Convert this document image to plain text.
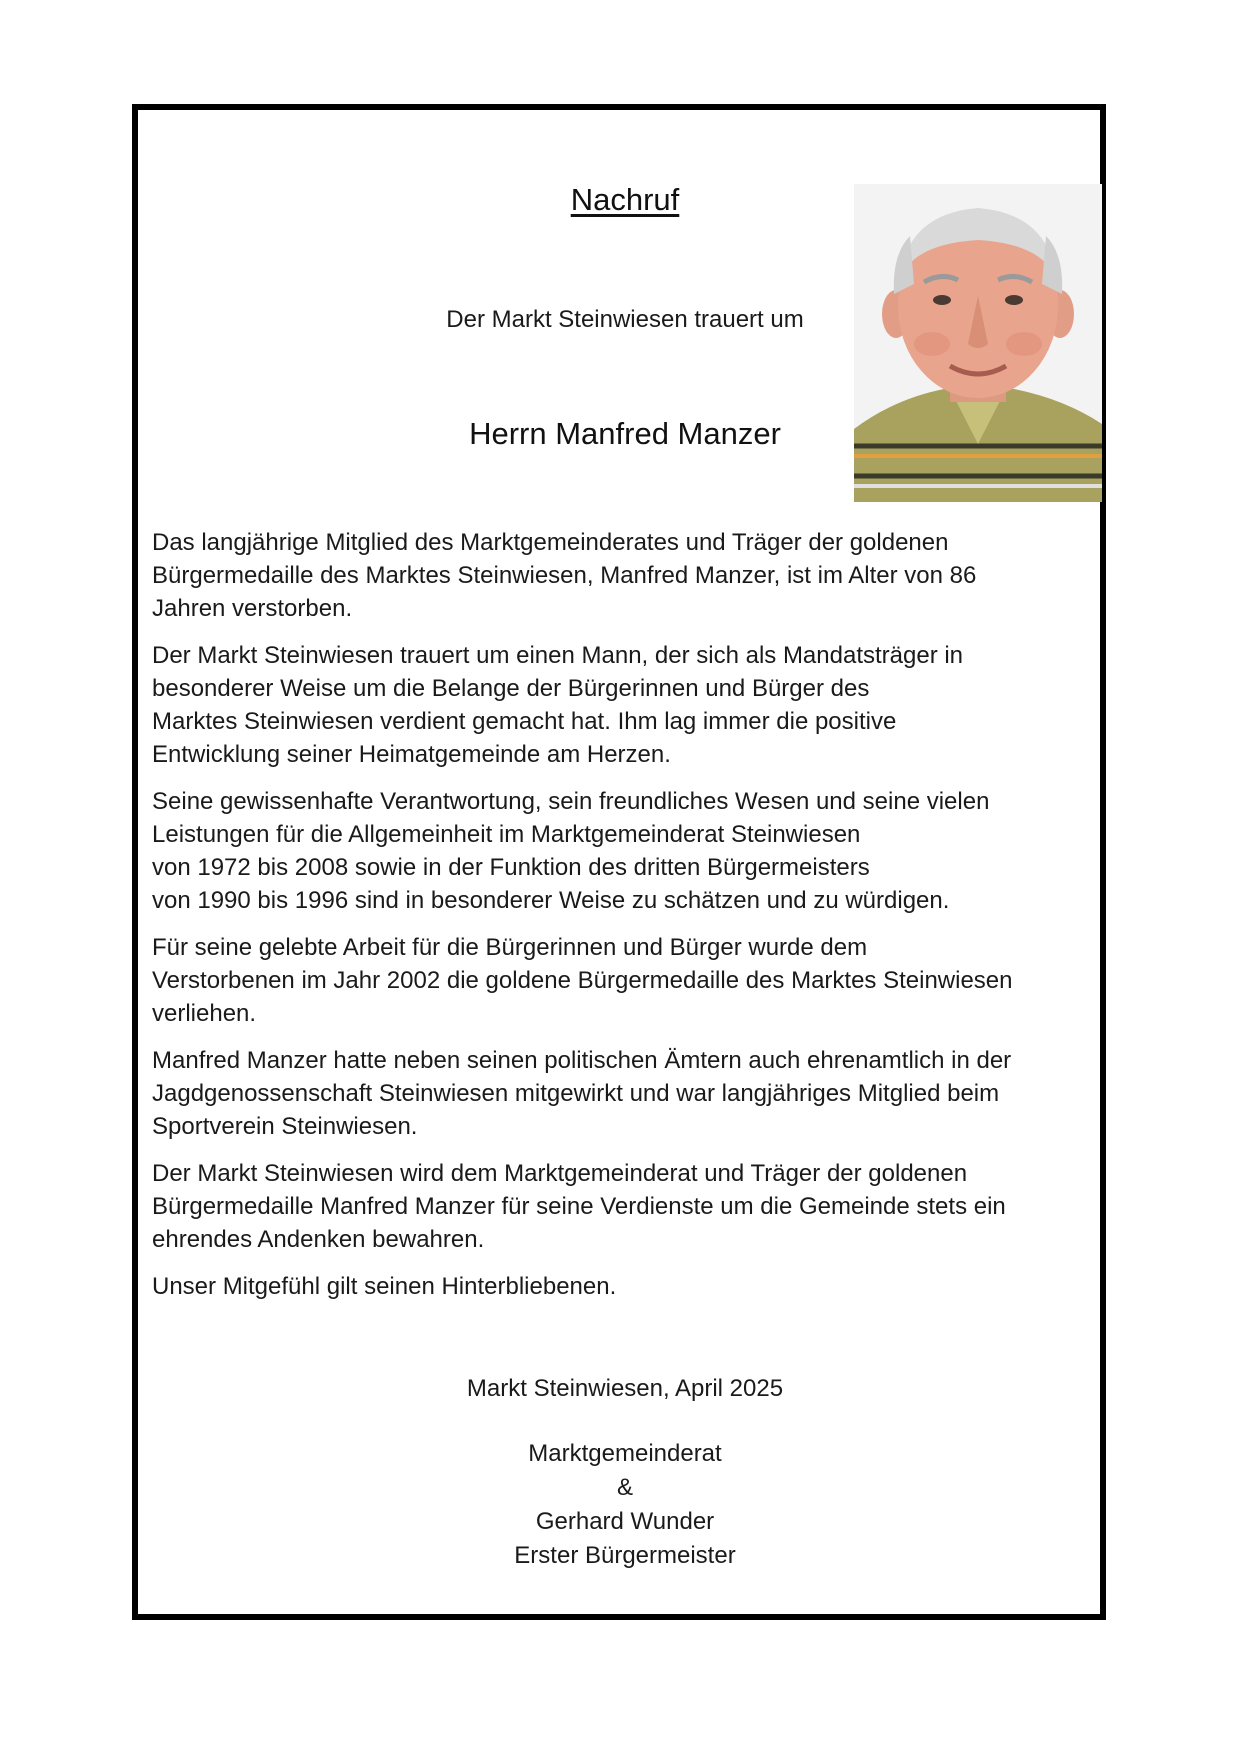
Nachruf
Der Markt Steinwiesen trauert um
Herrn Manfred Manzer

Das langjährige Mitglied des Marktgemeinderates und Träger der goldenen
Bürgermedaille des Marktes Steinwiesen, Manfred Manzer, ist im Alter von 86
Jahren verstorben.

Der Markt Steinwiesen trauert um einen Mann, der sich als Mandatsträger in
besonderer Weise um die Belange der Bürgerinnen und Bürger des
Marktes Steinwiesen verdient gemacht hat. Ihm lag immer die positive
Entwicklung seiner Heimatgemeinde am Herzen.

Seine gewissenhafte Verantwortung, sein freundliches Wesen und seine vielen
Leistungen für die Allgemeinheit im Marktgemeinderat Steinwiesen
von 1972 bis 2008 sowie in der Funktion des dritten Bürgermeisters
von 1990 bis 1996 sind in besonderer Weise zu schätzen und zu würdigen.

Für seine gelebte Arbeit für die Bürgerinnen und Bürger wurde dem
Verstorbenen im Jahr 2002 die goldene Bürgermedaille des Marktes Steinwiesen
verliehen.

Manfred Manzer hatte neben seinen politischen Ämtern auch ehrenamtlich in der
Jagdgenossenschaft Steinwiesen mitgewirkt und war langjähriges Mitglied beim
Sportverein Steinwiesen.

Der Markt Steinwiesen wird dem Marktgemeinderat und Träger der goldenen
Bürgermedaille Manfred Manzer für seine Verdienste um die Gemeinde stets ein
ehrendes Andenken bewahren.

Unser Mitgefühl gilt seinen Hinterbliebenen.

Markt Steinwiesen, April 2025
Marktgemeinderat
&
Gerhard Wunder
Erster Bürgermeister
